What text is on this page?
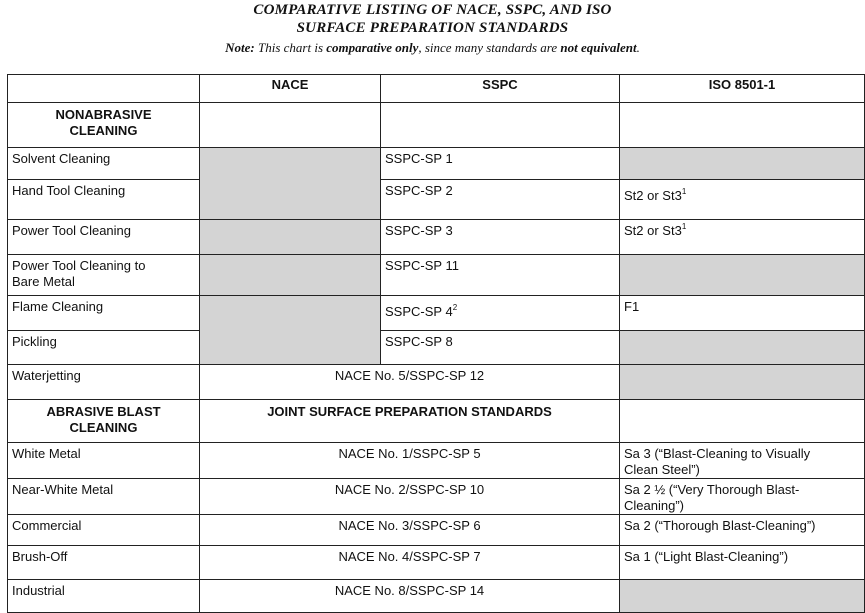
COMPARATIVE LISTING OF NACE, SSPC, AND ISO
SURFACE PREPARATION STANDARDS
Note: This chart is comparative only, since many standards are not equivalent.
	NACE	SSPC	ISO 8501-1

NONABRASIVE
CLEANING			

Solvent Cleaning		SSPC-SP 1	
Hand Tool Cleaning		SSPC-SP 2	St2 or $St3^1$
Power Tool Cleaning		SSPC-SP 3	St2 or $St3^1$

Power Tool Cleaning to
Bare Metal		SSPC-SP 11	
Flame Cleaning		SSPC-SP $4^2$	F1
Pickling		SSPC-SP 8	
Waterjetting	NACE No. 5/SSPC-SP 12		

ABRASIVE BLAST
CLEANING	JOINT SURFACE PREPARATION STANDARDS		
White Metal	NACE No. 1/SSPC-SP 5		Sa 3 (“Blast-Cleaning to Visually
Clean Steel”)

Near-White Metal	NACE No. 2/SSPC-SP 10		Sa 2 ½ (“Very Thorough Blast-
Cleaning”)

Commercial	NACE No. 3/SSPC-SP 6		Sa 2 (“Thorough Blast-Cleaning”)
Brush-Off	NACE No. 4/SSPC-SP 7		Sa 1 (“Light Blast-Cleaning”)
Industrial	NACE No. 8/SSPC-SP 14		
